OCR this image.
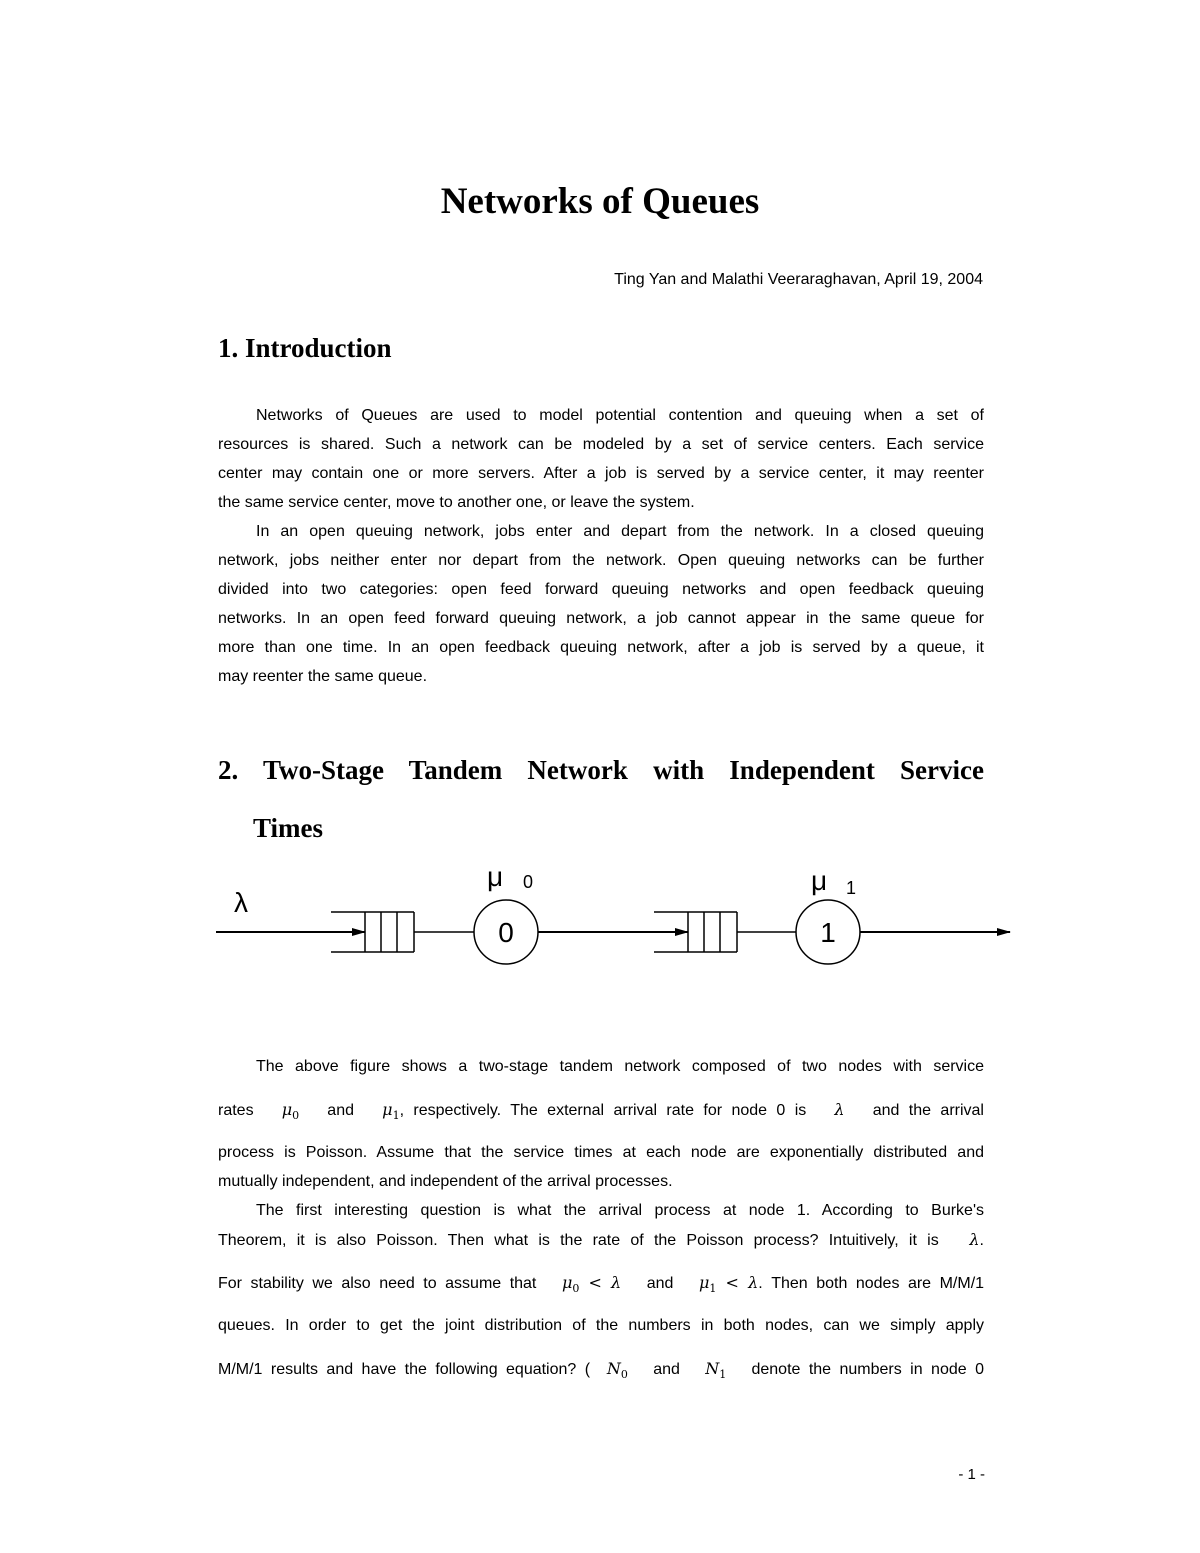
Networks of Queues
Ting Yan and Malathi Veeraraghavan, April 19, 2004
1. Introduction
Networks of Queues are used to model potential contention and queuing when a set of
resources is shared. Such a network can be modeled by a set of service centers. Each service
center may contain one or more servers. After a job is served by a service center, it may reenter
the same service center, move to another one, or leave the system.
In an open queuing network, jobs enter and depart from the network. In a closed queuing
network, jobs neither enter nor depart from the network. Open queuing networks can be further
divided into two categories: open feed forward queuing networks and open feedback queuing
networks. In an open feed forward queuing network, a job cannot appear in the same queue for
more than one time. In an open feedback queuing network, after a job is served by a queue, it
may reenter the same queue.
2. Two-Stage Tandem Network with Independent Service
Times
λ
0
μ 0
1
μ 1
The above figure shows a two-stage tandem network composed of two nodes with service
rates $\mu_0$ and $\mu_1$, respectively. The external arrival rate for node 0 is λ and the arrival
process is Poisson. Assume that the service times at each node are exponentially distributed and
mutually independent, and independent of the arrival processes.
The first interesting question is what the arrival process at node 1. According to Burke's
Theorem, it is also Poisson. Then what is the rate of the Poisson process? Intuitively, it is λ.
For stability we also need to assume that $\mu_0 < \lambda$ and $\mu_1 < \lambda$. Then both nodes are M/M/1
queues. In order to get the joint distribution of the numbers in both nodes, can we simply apply
M/M/1 results and have the following equation? ( $N_0$ and $N_1$ denote the numbers in node 0
- 1 -
